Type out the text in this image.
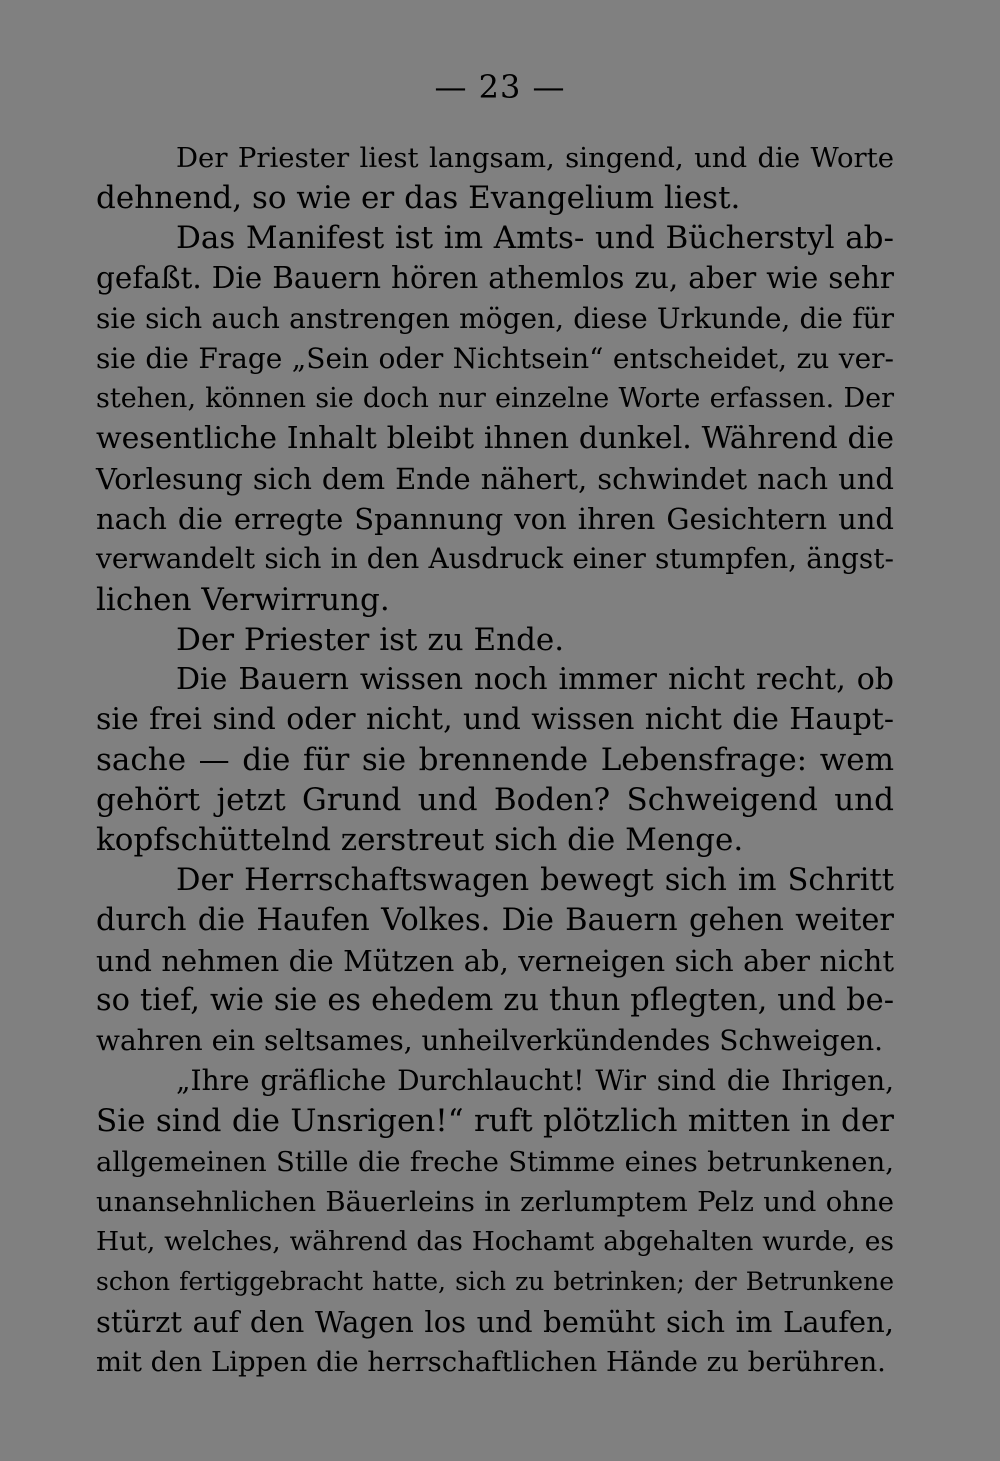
— 23 —
Der Priester liest langsam, singend, und die Worte
dehnend, so wie er das Evangelium liest.
Das Manifest ist im Amts- und Bücherstyl ab-
gefaßt. Die Bauern hören athemlos zu, aber wie sehr
sie sich auch anstrengen mögen, diese Urkunde, die für
sie die Frage „Sein oder Nichtsein“ entscheidet, zu ver-
stehen, können sie doch nur einzelne Worte erfassen. Der
wesentliche Inhalt bleibt ihnen dunkel. Während die
Vorlesung sich dem Ende nähert, schwindet nach und
nach die erregte Spannung von ihren Gesichtern und
verwandelt sich in den Ausdruck einer stumpfen, ängst-
lichen Verwirrung.
Der Priester ist zu Ende.
Die Bauern wissen noch immer nicht recht, ob
sie frei sind oder nicht, und wissen nicht die Haupt-
sache — die für sie brennende Lebensfrage: wem
gehört jetzt Grund und Boden? Schweigend und
kopfschüttelnd zerstreut sich die Menge.
Der Herrschaftswagen bewegt sich im Schritt
durch die Haufen Volkes. Die Bauern gehen weiter
und nehmen die Mützen ab, verneigen sich aber nicht
so tief, wie sie es ehedem zu thun pflegten, und be-
wahren ein seltsames, unheilverkündendes Schweigen.
„Ihre gräfliche Durchlaucht! Wir sind die Ihrigen,
Sie sind die Unsrigen!“ ruft plötzlich mitten in der
allgemeinen Stille die freche Stimme eines betrunkenen,
unansehnlichen Bäuerleins in zerlumptem Pelz und ohne
Hut, welches, während das Hochamt abgehalten wurde, es
schon fertiggebracht hatte, sich zu betrinken; der Betrunkene
stürzt auf den Wagen los und bemüht sich im Laufen,
mit den Lippen die herrschaftlichen Hände zu berühren.
